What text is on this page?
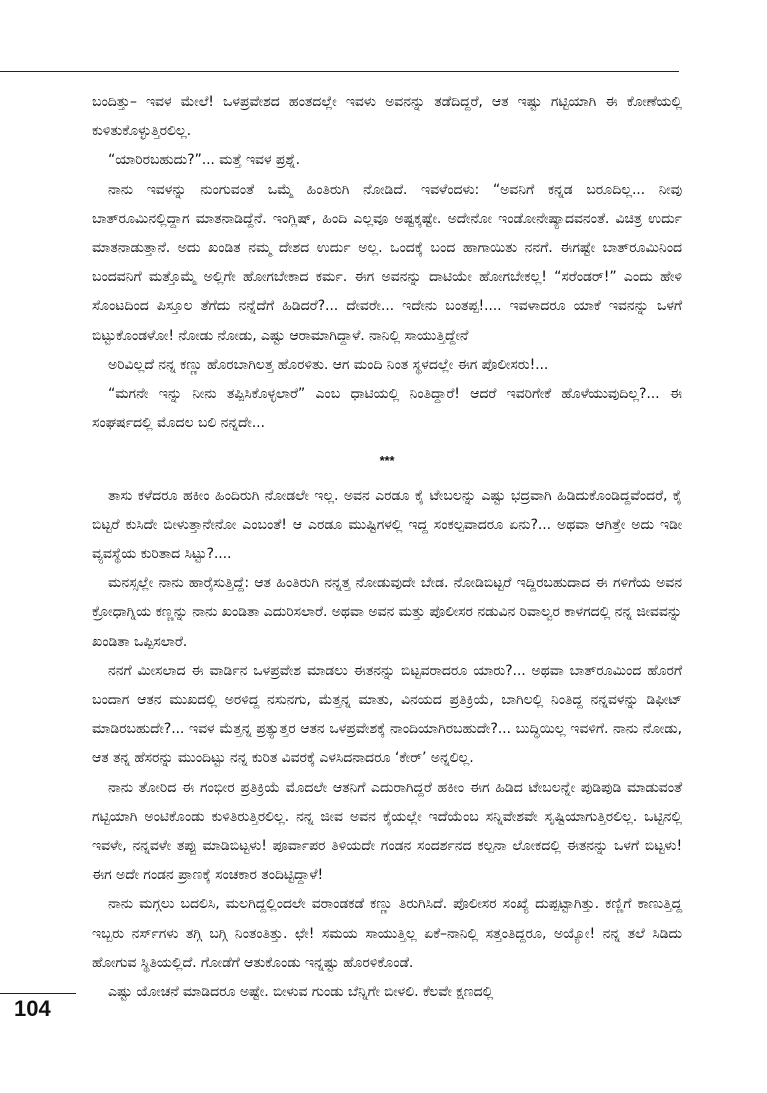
ಬಂದಿತ್ತು– ಇವಳ ಮೇಲೆ! ಒಳಪ್ರವೇಶದ ಹಂತದಲ್ಲೇ ಇವಳು ಅವನನ್ನು ತಡೆದಿದ್ದರೆ, ಆತ ಇಷ್ಟು ಗಟ್ಟಿಯಾಗಿ ಈ ಕೋಣೆಯಲ್ಲಿ ಕುಳಿತುಕೊಳ್ಳುತ್ತಿರಲಿಲ್ಲ.

“ಯಾರಿರಬಹುದು?”... ಮತ್ತೆ ಇವಳ ಪ್ರಶ್ನೆ.

ನಾನು ಇವಳನ್ನು ನುಂಗುವಂತೆ ಒಮ್ಮೆ ಹಿಂತಿರುಗಿ ನೋಡಿದೆ. ಇವಳೆಂದಳು: “ಅವನಿಗೆ ಕನ್ನಡ ಬರೂದಿಲ್ಲ... ನೀವು ಬಾತ್‌ರೂಮಿನಲ್ಲಿದ್ದಾಗ ಮಾತನಾಡಿದ್ದೆನೆ. ಇಂಗ್ಲಿಷ್, ಹಿಂದಿ ಎಲ್ಲವೂ ಅಷ್ಟಕ್ಕಷ್ಟೇ. ಅದೇನೋ ಇಂಡೋನೇಷ್ಯಾದವನಂತೆ. ವಿಚಿತ್ರ ಉರ್ದು ಮಾತನಾಡುತ್ತಾನೆ. ಅದು ಖಂಡಿತ ನಮ್ಮ ದೇಶದ ಉರ್ದು ಅಲ್ಲ. ಒಂದಕ್ಕೆ ಬಂದ ಹಾಗಾಯಿತು ನನಗೆ. ಈಗಷ್ಟೇ ಬಾತ್‌ರೂಮಿನಿಂದ ಬಂದವನಿಗೆ ಮತ್ತೊಮ್ಮೆ ಅಲ್ಲಿಗೇ ಹೋಗಬೇಕಾದ ಕರ್ಮ. ಈಗ ಅವನನ್ನು ದಾಟಿಯೇ ಹೋಗಬೇಕಲ್ಲ! “ಸರೆಂಡರ್!” ಎಂದು ಹೇಳಿ ಸೊಂಟದಿಂದ ಪಿಸ್ತೂಲ ತೆಗೆದು ನನ್ನೆದೆಗೆ ಹಿಡಿದರೆ?... ದೇವರೇ... ಇದೇನು ಬಂತಪ್ಪ!.... ಇವಳಾದರೂ ಯಾಕೆ ಇವನನ್ನು ಒಳಗೆ ಬಿಟ್ಟುಕೊಂಡಳೋ! ನೋಡು ನೋಡು, ಎಷ್ಟು ಆರಾಮಾಗಿದ್ದಾಳೆ. ನಾನಿಲ್ಲಿ ಸಾಯುತ್ತಿದ್ದೇನೆ

ಅರಿವಿಲ್ಲದೆ ನನ್ನ ಕಣ್ಣು ಹೊರಬಾಗಿಲತ್ತ ಹೊರಳಿತು. ಆಗ ಮಂದಿ ನಿಂತ ಸ್ಥಳದಲ್ಲೇ ಈಗ ಪೊಲೀಸರು!...

“ಮಗನೇ ಇನ್ನು ನೀನು ತಪ್ಪಿಸಿಕೊಳ್ಳಲಾರೆ” ಎಂಬ ಧಾಟಿಯಲ್ಲಿ ನಿಂತಿದ್ದಾರೆ! ಆದರೆ ಇವರಿಗೇಕೆ ಹೊಳೆಯುವುದಿಲ್ಲ?... ಈ ಸಂಘರ್ಷದಲ್ಲಿ ಮೊದಲ ಬಲಿ ನನ್ನದೇ...

***

ತಾಸು ಕಳೆದರೂ ಹಕೀಂ ಹಿಂದಿರುಗಿ ನೋಡಲೇ ಇಲ್ಲ. ಅವನ ಎರಡೂ ಕೈ ಟೇಬಲನ್ನು ಎಷ್ಟು ಭದ್ರವಾಗಿ ಹಿಡಿದುಕೊಂಡಿದ್ದವೆಂದರೆ, ಕೈ ಬಿಟ್ಟರೆ ಕುಸಿದೇ ಬೀಳುತ್ತಾನೇನೋ ಎಂಬಂತೆ! ಆ ಎರಡೂ ಮುಷ್ಟಿಗಳಲ್ಲಿ ಇದ್ದ ಸಂಕಲ್ಪವಾದರೂ ಏನು?... ಅಥವಾ ಆಗಿತ್ತೇ ಅದು ಇಡೀ ವ್ಯವಸ್ಥೆಯ ಕುರಿತಾದ ಸಿಟ್ಟು?....

ಮನಸ್ಸಲ್ಲೇ ನಾನು ಹಾರೈಸುತ್ತಿದ್ದೆ: ಆತ ಹಿಂತಿರುಗಿ ನನ್ನತ್ತ ನೋಡುವುದೇ ಬೇಡ. ನೋಡಿಬಿಟ್ಟರೆ ಇದ್ದಿರಬಹುದಾದ ಈ ಗಳಿಗೆಯ ಅವನ ಕ್ರೋಧಾಗ್ನಿಯ ಕಣ್ಣನ್ನು ನಾನು ಖಂಡಿತಾ ಎದುರಿಸಲಾರೆ. ಅಥವಾ ಅವನ ಮತ್ತು ಪೊಲೀಸರ ನಡುವಿನ ರಿವಾಲ್ವರ ಕಾಳಗದಲ್ಲಿ ನನ್ನ ಜೀವವನ್ನು ಖಂಡಿತಾ ಒಪ್ಪಿಸಲಾರೆ.

ನನಗೆ ಮೀಸಲಾದ ಈ ವಾರ್ಡಿನ ಒಳಪ್ರವೇಶ ಮಾಡಲು ಈತನನ್ನು ಬಿಟ್ಟವರಾದರೂ ಯಾರು?... ಅಥವಾ ಬಾತ್‌ರೂಮಿಂದ ಹೊರಗೆ ಬಂದಾಗ ಆತನ ಮುಖದಲ್ಲಿ ಅರಳಿದ್ದ ನಸುನಗು, ಮೆತ್ತನ್ನ ಮಾತು, ವಿನಯದ ಪ್ರತಿಕ್ರಿಯೆ, ಬಾಗಿಲಲ್ಲಿ ನಿಂತಿದ್ದ ನನ್ನವಳನ್ನು ಡಿಫೀಟ್ ಮಾಡಿರಬಹುದೇ?... ಇವಳ ಮೆತ್ತನ್ನ ಪ್ರತ್ಯುತ್ತರ ಆತನ ಒಳಪ್ರವೇಶಕ್ಕೆ ನಾಂದಿಯಾಗಿರಬಹುದೇ?... ಬುದ್ಧಿಯಿಲ್ಲ ಇವಳಿಗೆ. ನಾನು ನೋಡು, ಆತ ತನ್ನ ಹೆಸರನ್ನು ಮುಂದಿಟ್ಟು ನನ್ನ ಕುರಿತ ವಿವರಕ್ಕೆ ಎಳಸಿದನಾದರೂ ‘ಕೇರ್’ ಅನ್ನಲಿಲ್ಲ.

ನಾನು ತೋರಿದ ಈ ಗಂಭೀರ ಪ್ರತಿಕ್ರಿಯೆ ಮೊದಲೇ ಆತನಿಗೆ ಎದುರಾಗಿದ್ದರೆ ಹಕೀಂ ಈಗ ಹಿಡಿದ ಟೇಬಲನ್ನೇ ಪುಡಿಪುಡಿ ಮಾಡುವಂತೆ ಗಟ್ಟಿಯಾಗಿ ಅಂಟಿಕೊಂಡು ಕುಳಿತಿರುತ್ತಿರಲಿಲ್ಲ. ನನ್ನ ಜೀವ ಅವನ ಕೈಯಲ್ಲೇ ಇದೆಯೆಂಬ ಸನ್ನಿವೇಶವೇ ಸೃಷ್ಟಿಯಾಗುತ್ತಿರಲಿಲ್ಲ. ಒಟ್ಟಿನಲ್ಲಿ ಇವಳೇ, ನನ್ನವಳೇ ತಪ್ಪು ಮಾಡಿಬಿಟ್ಟಳು! ಪೂರ್ವಾಪರ ತಿಳಿಯದೇ ಗಂಡನ ಸಂದರ್ಶನದ ಕಲ್ಪನಾ ಲೋಕದಲ್ಲಿ ಈತನನ್ನು ಒಳಗೆ ಬಿಟ್ಟಳು! ಈಗ ಅದೇ ಗಂಡನ ಪ್ರಾಣಕ್ಕೆ ಸಂಚಕಾರ ತಂದಿಟ್ಟಿದ್ದಾಳೆ!

ನಾನು ಮಗ್ಗಲು ಬದಲಿಸಿ, ಮಲಗಿದ್ದಲ್ಲಿಂದಲೇ ವರಾಂಡಕಡೆ ಕಣ್ಣು ತಿರುಗಿಸಿದೆ. ಪೊಲೀಸರ ಸಂಖ್ಯೆ ದುಪ್ಪಟ್ಟಾಗಿತ್ತು. ಕಣ್ಣಿಗೆ ಕಾಣುತ್ತಿದ್ದ ಇಬ್ಬರು ನರ್ಸ್‌ಗಳು ತಗ್ಗಿ ಬಗ್ಗಿ ನಿಂತಂತಿತ್ತು. ಛೇ! ಸಮಯ ಸಾಯುತ್ತಿಲ್ಲ ಏಕೆ–ನಾನಿಲ್ಲಿ ಸತ್ತಂತಿದ್ದರೂ, ಅಯ್ಯೋ! ನನ್ನ ತಲೆ ಸಿಡಿದು ಹೋಗುವ ಸ್ಥಿತಿಯಲ್ಲಿದೆ. ಗೋಡೆಗೆ ಆತುಕೊಂಡು ಇನ್ನಷ್ಟು ಹೊರಳಿಕೊಂಡೆ.

ಎಷ್ಟು ಯೋಚನೆ ಮಾಡಿದರೂ ಅಷ್ಟೇ. ಬೀಳುವ ಗುಂಡು ಬೆನ್ನಿಗೇ ಬೀಳಲಿ. ಕೆಲವೇ ಕ್ಷಣದಲ್ಲಿ

104
